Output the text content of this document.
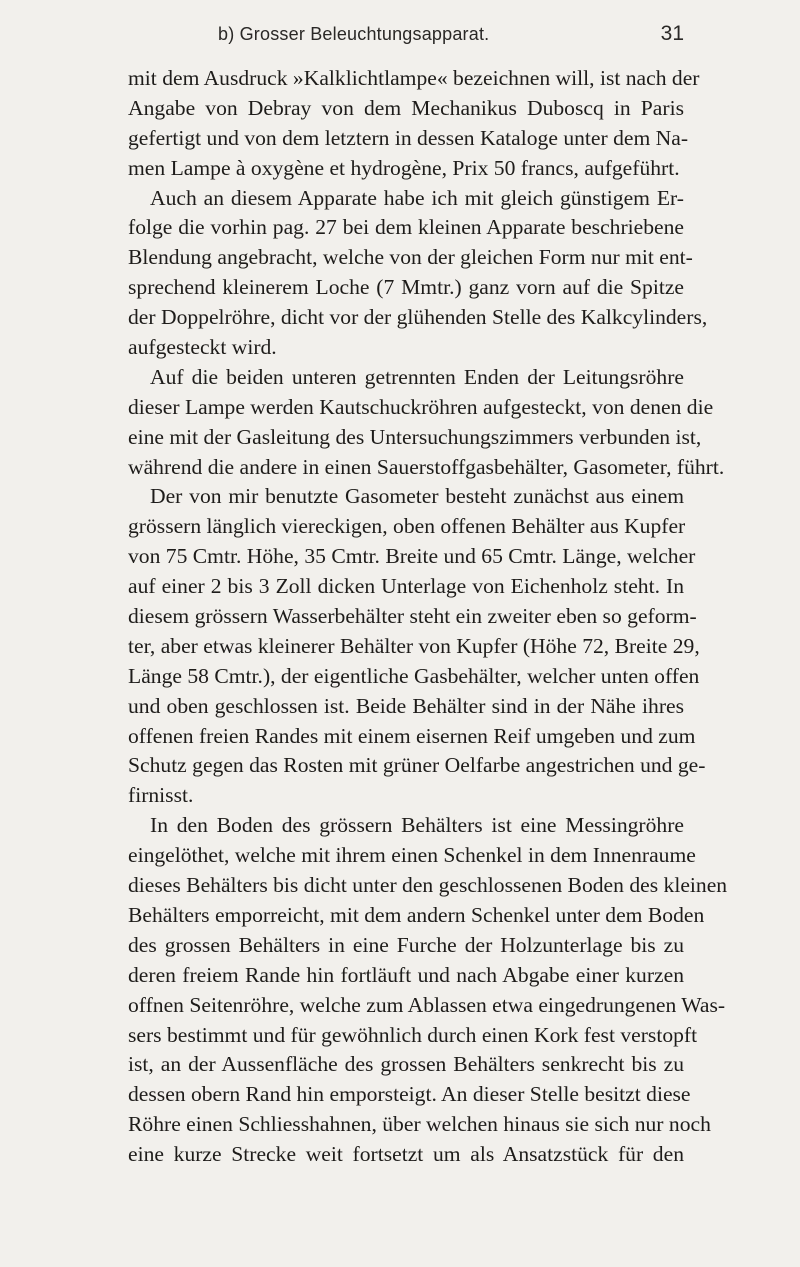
b) Grosser Beleuchtungsapparat.	31
mit dem Ausdruck »Kalklichtlampe« bezeichnen will, ist nach der
Angabe von Debray von dem Mechanikus Duboscq in Paris
gefertigt und von dem letztern in dessen Kataloge unter dem Na-
men Lampe à oxygène et hydrogène, Prix 50 francs, aufgeführt.
Auch an diesem Apparate habe ich mit gleich günstigem Er-
folge die vorhin pag. 27 bei dem kleinen Apparate beschriebene
Blendung angebracht, welche von der gleichen Form nur mit ent-
sprechend kleinerem Loche (7 Mmtr.) ganz vorn auf die Spitze
der Doppelröhre, dicht vor der glühenden Stelle des Kalkcylinders,
aufgesteckt wird.
Auf die beiden unteren getrennten Enden der Leitungsröhre
dieser Lampe werden Kautschuckröhren aufgesteckt, von denen die
eine mit der Gasleitung des Untersuchungszimmers verbunden ist,
während die andere in einen Sauerstoffgasbehälter, Gasometer, führt.
Der von mir benutzte Gasometer besteht zunächst aus einem
grössern länglich viereckigen, oben offenen Behälter aus Kupfer
von 75 Cmtr. Höhe, 35 Cmtr. Breite und 65 Cmtr. Länge, welcher
auf einer 2 bis 3 Zoll dicken Unterlage von Eichenholz steht. In
diesem grössern Wasserbehälter steht ein zweiter eben so geform-
ter, aber etwas kleinerer Behälter von Kupfer (Höhe 72, Breite 29,
Länge 58 Cmtr.), der eigentliche Gasbehälter, welcher unten offen
und oben geschlossen ist. Beide Behälter sind in der Nähe ihres
offenen freien Randes mit einem eisernen Reif umgeben und zum
Schutz gegen das Rosten mit grüner Oelfarbe angestrichen und ge-
firnisst.
In den Boden des grössern Behälters ist eine Messingröhre
eingelöthet, welche mit ihrem einen Schenkel in dem Innenraume
dieses Behälters bis dicht unter den geschlossenen Boden des kleinen
Behälters emporreicht, mit dem andern Schenkel unter dem Boden
des grossen Behälters in eine Furche der Holzunterlage bis zu
deren freiem Rande hin fortläuft und nach Abgabe einer kurzen
offnen Seitenröhre, welche zum Ablassen etwa eingedrungenen Was-
sers bestimmt und für gewöhnlich durch einen Kork fest verstopft
ist, an der Aussenfläche des grossen Behälters senkrecht bis zu
dessen obern Rand hin emporsteigt. An dieser Stelle besitzt diese
Röhre einen Schliesshahnen, über welchen hinaus sie sich nur noch
eine kurze Strecke weit fortsetzt um als Ansatzstück für den
